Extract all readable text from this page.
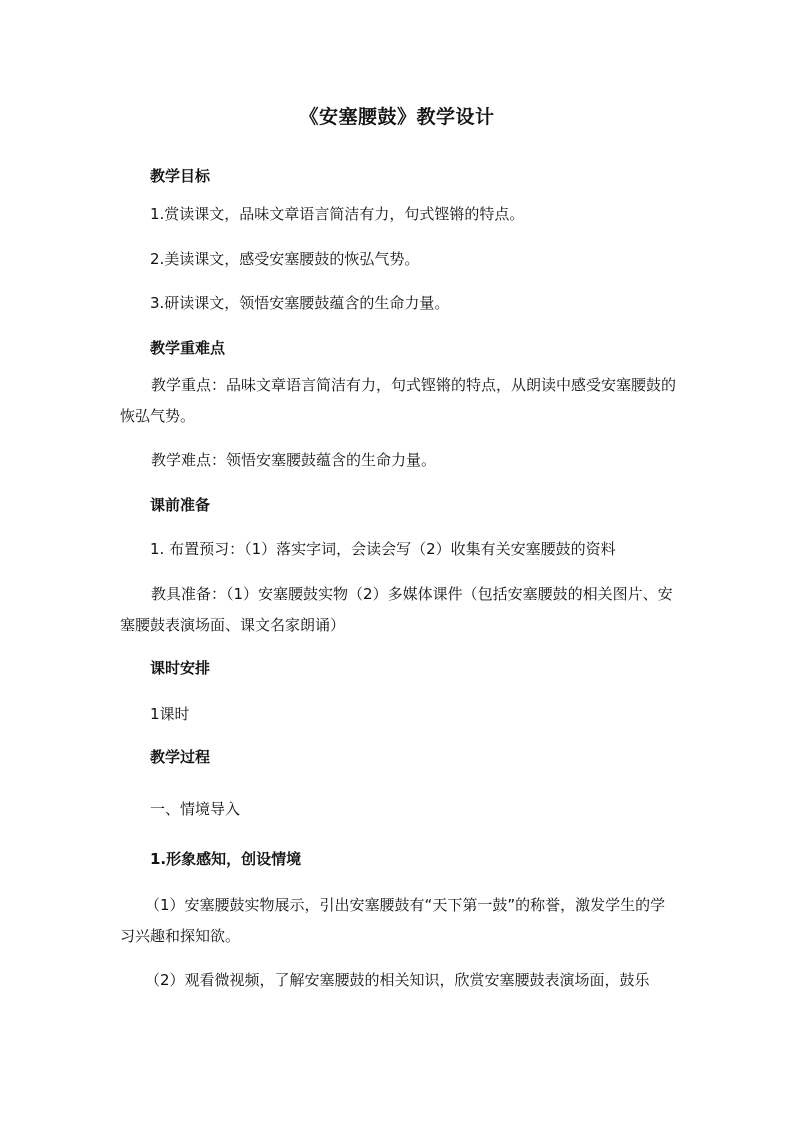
《安塞腰鼓》教学设计
教学目标
1.赏读课文，品味文章语言简洁有力，句式铿锵的特点。
2.美读课文，感受安塞腰鼓的恢弘气势。
3.研读课文，领悟安塞腰鼓蕴含的生命力量。
教学重难点
教学重点：品味文章语言简洁有力，句式铿锵的特点，从朗读中感受安塞腰鼓的恢弘气势。
教学难点：领悟安塞腰鼓蕴含的生命力量。
课前准备
1. 布置预习：（1）落实字词，会读会写（2）收集有关安塞腰鼓的资料
教具准备：（1）安塞腰鼓实物（2）多媒体课件（包括安塞腰鼓的相关图片、安塞腰鼓表演场面、课文名家朗诵）
课时安排
1课时
教学过程
一、情境导入
1.形象感知，创设情境
（1）安塞腰鼓实物展示，引出安塞腰鼓有“天下第一鼓”的称誉，激发学生的学习兴趣和探知欲。
（2）观看微视频，了解安塞腰鼓的相关知识，欣赏安塞腰鼓表演场面，鼓乐
